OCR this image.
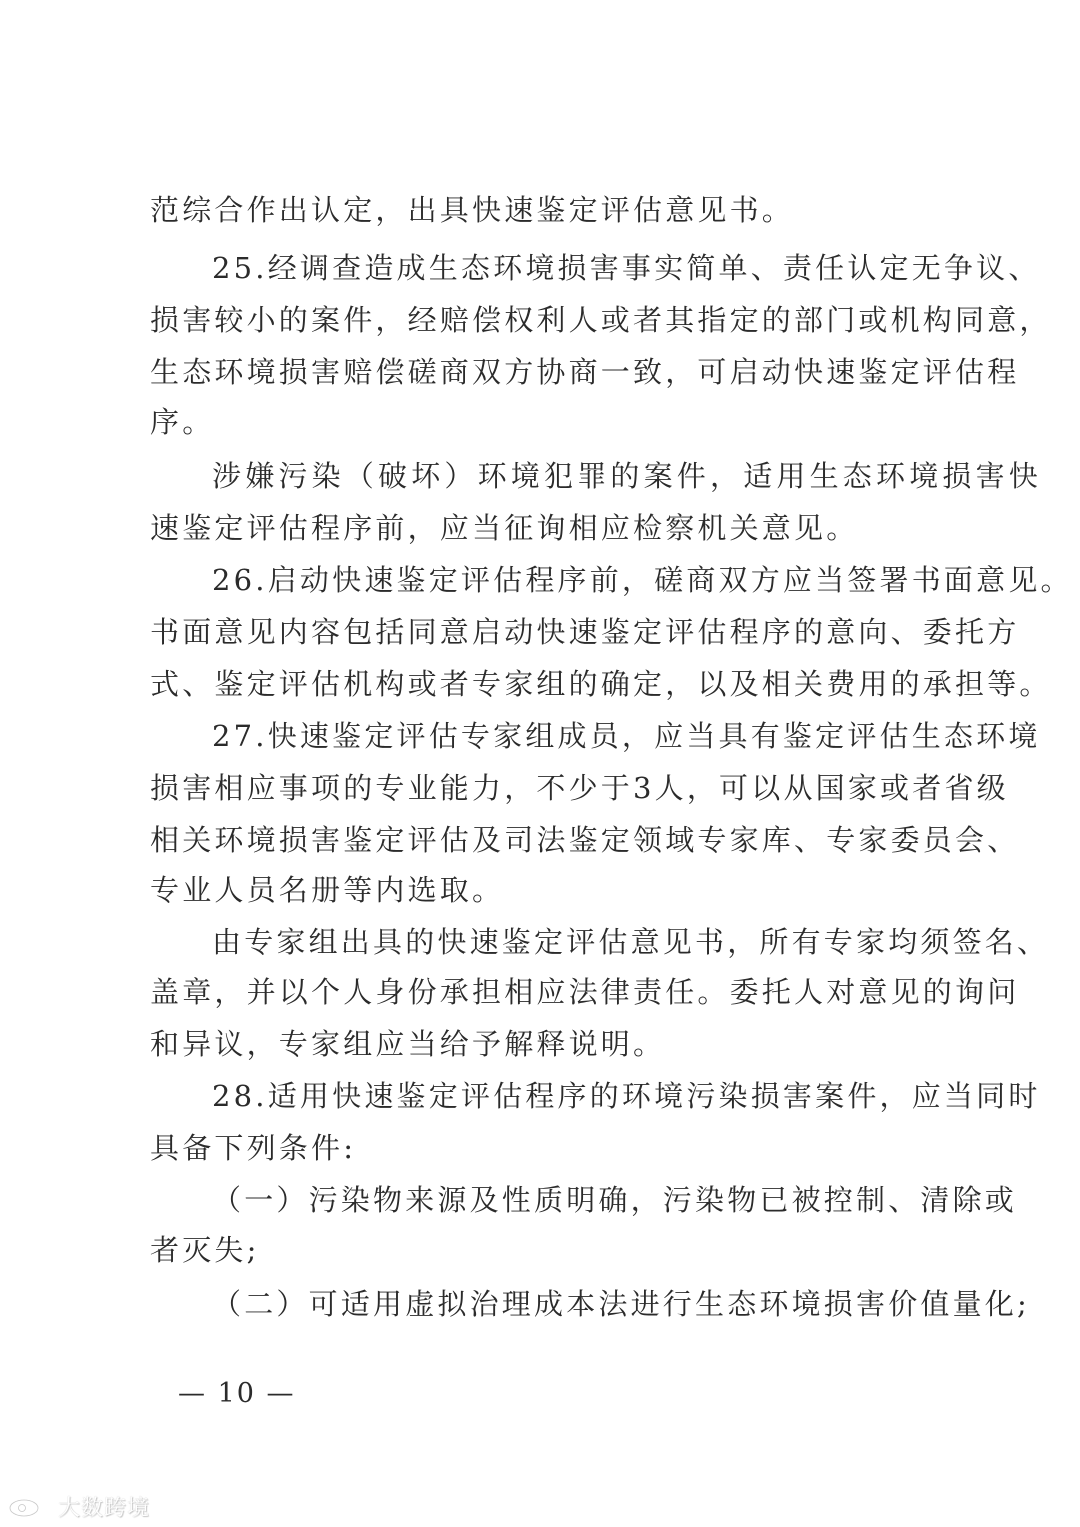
范综合作出认定，出具快速鉴定评估意见书。
25.经调查造成生态环境损害事实简单、责任认定无争议、
损害较小的案件，经赔偿权利人或者其指定的部门或机构同意，
生态环境损害赔偿磋商双方协商一致，可启动快速鉴定评估程
序。
涉嫌污染（破坏）环境犯罪的案件，适用生态环境损害快
速鉴定评估程序前，应当征询相应检察机关意见。
26.启动快速鉴定评估程序前，磋商双方应当签署书面意见。
书面意见内容包括同意启动快速鉴定评估程序的意向、委托方
式、鉴定评估机构或者专家组的确定，以及相关费用的承担等。
27.快速鉴定评估专家组成员，应当具有鉴定评估生态环境
损害相应事项的专业能力，不少于3人，可以从国家或者省级
相关环境损害鉴定评估及司法鉴定领域专家库、专家委员会、
专业人员名册等内选取。
由专家组出具的快速鉴定评估意见书，所有专家均须签名、
盖章，并以个人身份承担相应法律责任。委托人对意见的询问
和异议，专家组应当给予解释说明。
28.适用快速鉴定评估程序的环境污染损害案件，应当同时
具备下列条件:
（一）污染物来源及性质明确，污染物已被控制、清除或
者灭失;
（二）可适用虚拟治理成本法进行生态环境损害价值量化;
— 10 —
大数跨境
